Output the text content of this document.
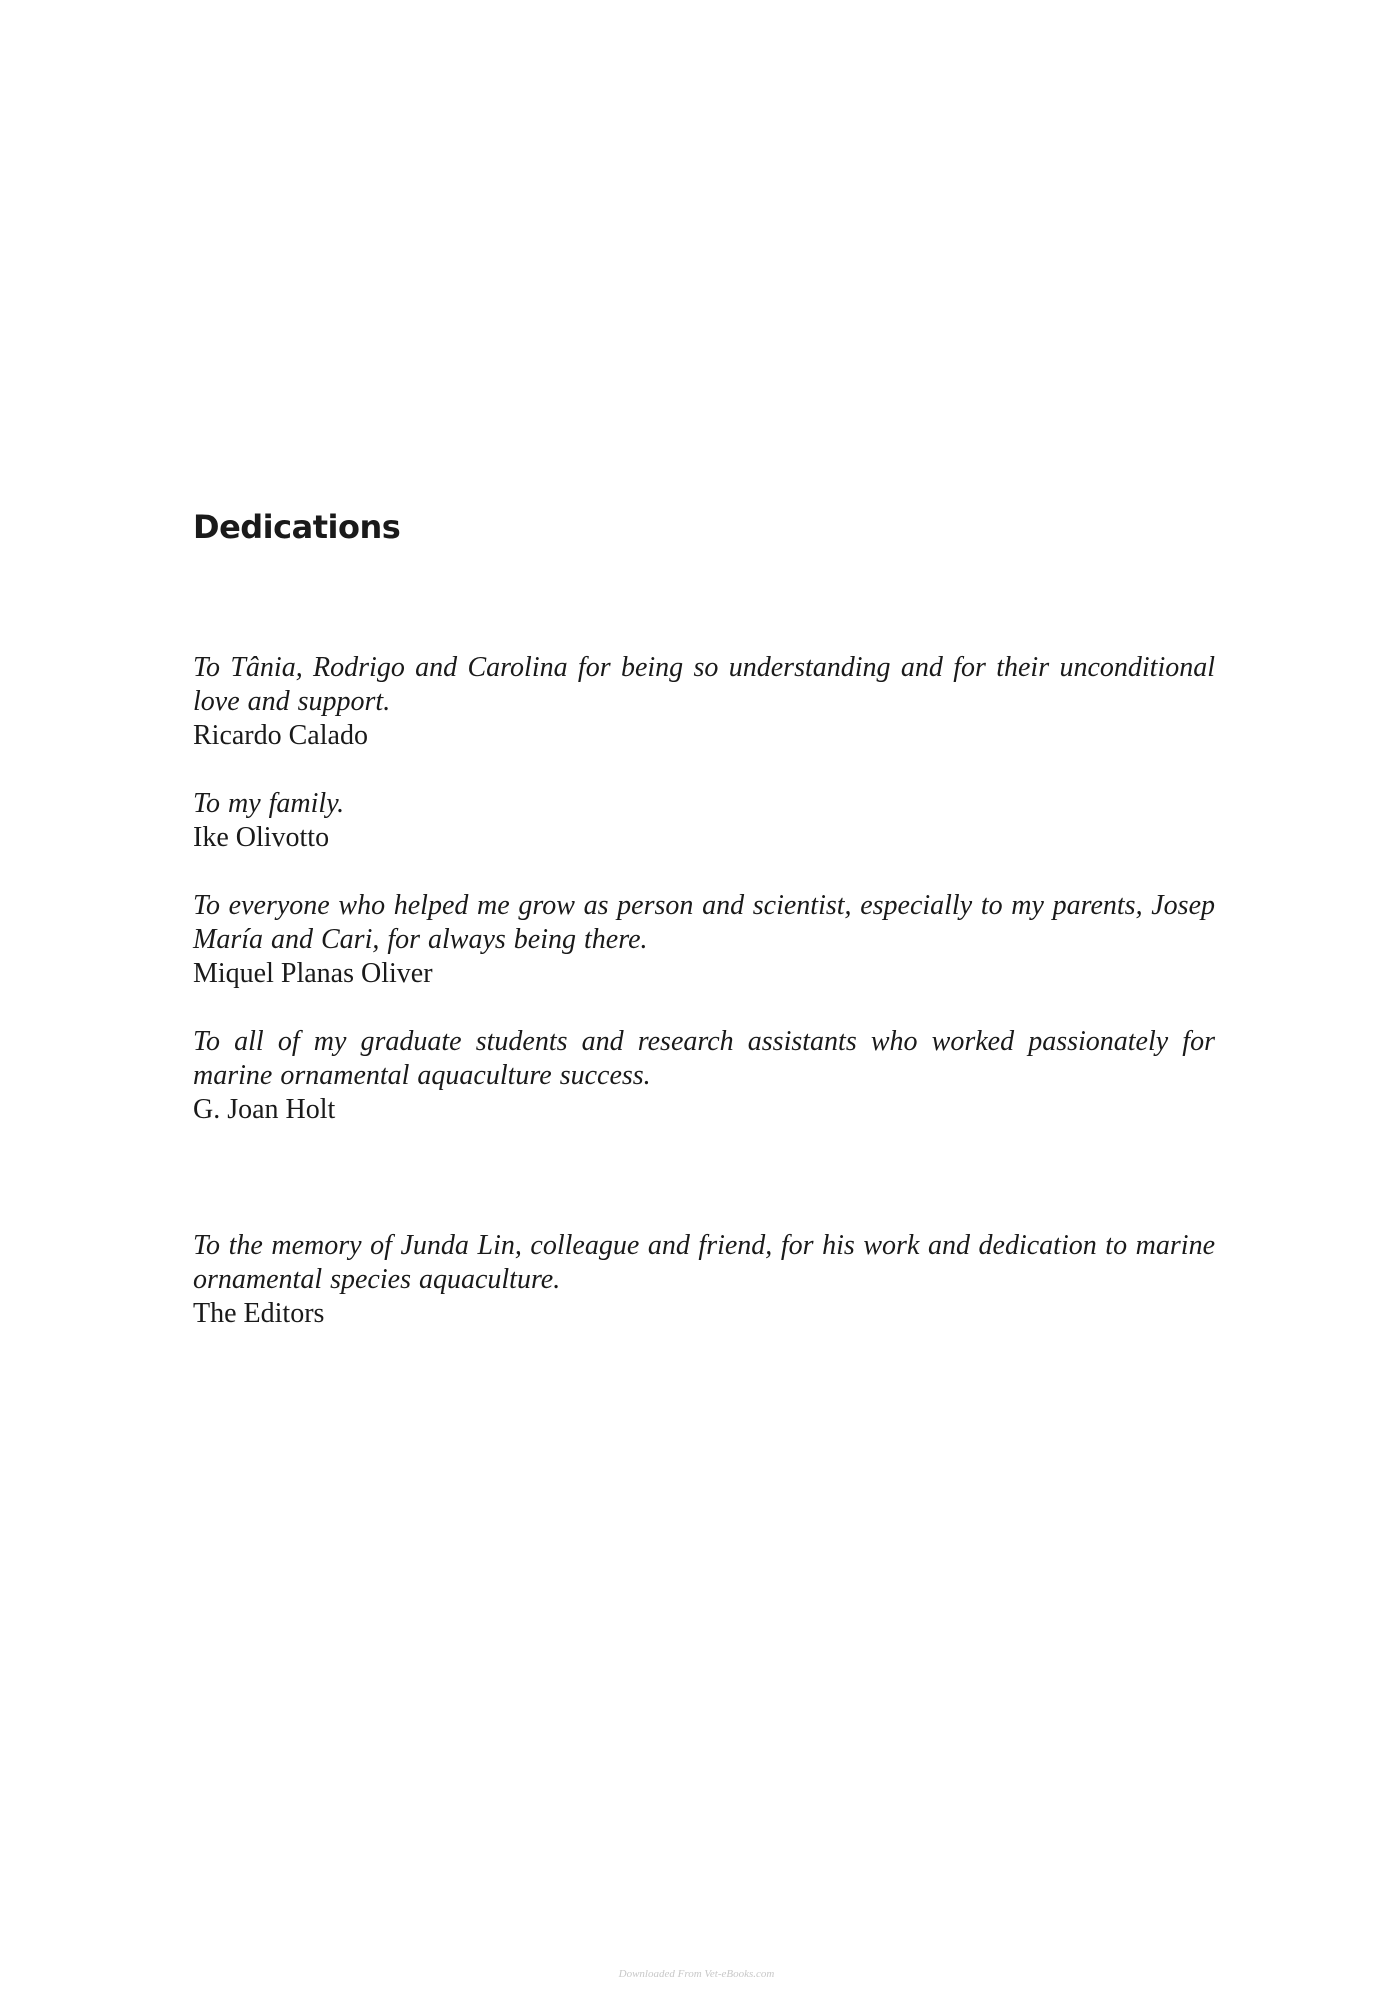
Dedications

To Tânia, Rodrigo and Carolina for being so understanding and for their unconditional love and support.

Ricardo Calado

To my family.

Ike Olivotto

To everyone who helped me grow as person and scientist, especially to my parents, Josep María and Cari, for always being there.

Miquel Planas Oliver

To all of my graduate students and research assistants who worked passionately for marine ornamental aquaculture success.

G. Joan Holt

To the memory of Junda Lin, colleague and friend, for his work and dedication to marine ornamental species aquaculture.

The Editors

Downloaded From Vet-eBooks.com
